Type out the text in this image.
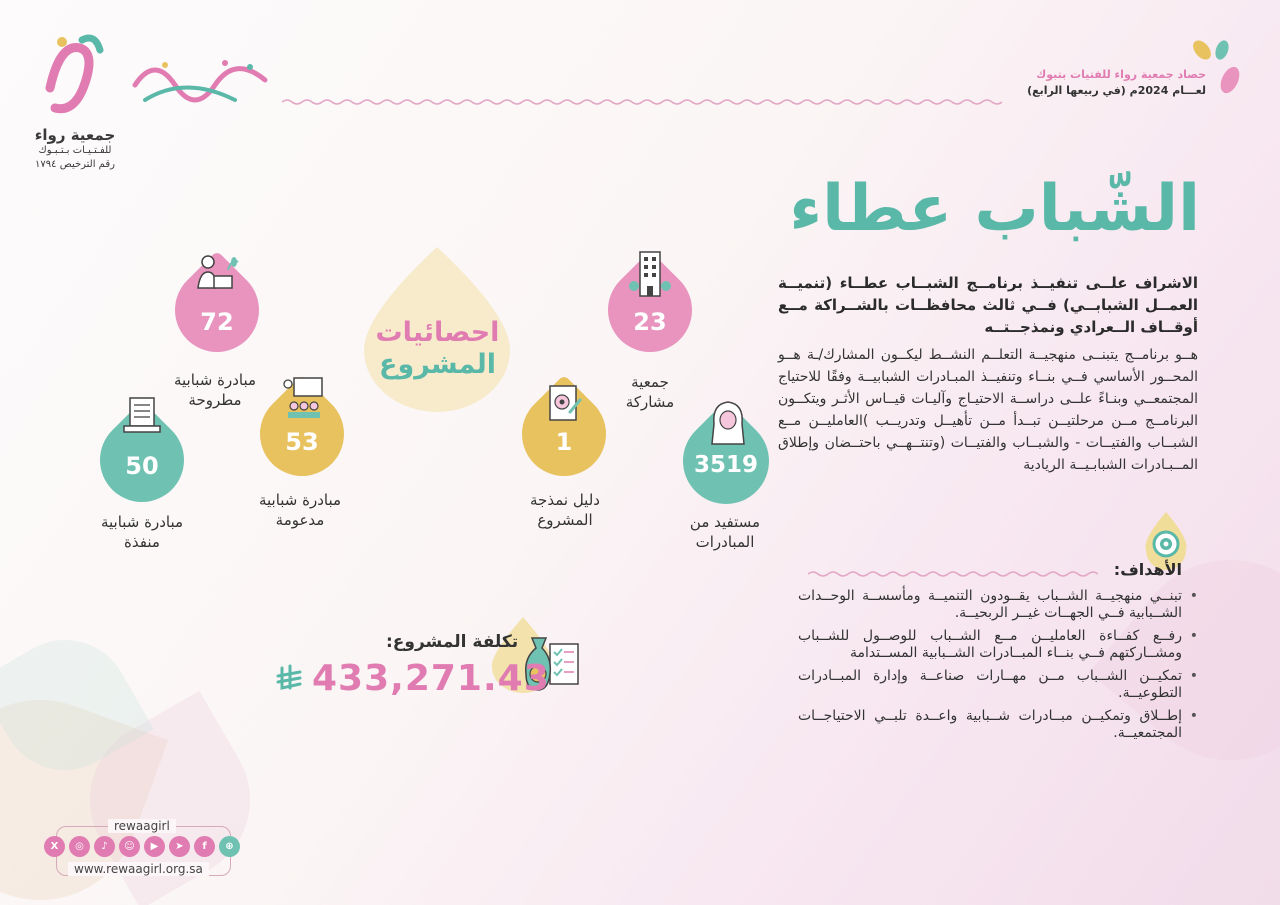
جمعية رواء
للفـتـيـات بـتـبـوك
رقم الترخيص ١٧٩٤
حصاد جمعية رواء للفتيات بتبوك
لعـــام 2024م (في ربيعها الرابع)
الشّباب عطاء
الاشراف علــى تنفيــذ برنامــج الشبــاب عطــاء (تنميــة العمــل الشبابــي) فــي ثالث محافظــات بالشــراكة مــع أوقــاف الــعرادي ونمذجــتــه
هــو برنامــج يتبنــى منهجيــة التعلــم النشــط ليكــون المشارك/ـة هــو المحــور الأساسي فــي بنــاء وتنفيــذ المبـادرات الشبابيــة وفقًا للاحتياج المجتمعــي وبنـاءً علــى دراســة الاحتيـاج وآليـات قيــاس الأثـر ويتكــون البرنامــج مــن مرحلتيــن تبــدأ مــن تأهيــل وتدريــب )العامليــن مــع الشبــاب والفتيــات - والشبــاب والفتيــات (وتنتــهــي باحتــضان وإطلاق المــبـادرات الشبابـيــة الريادية
الأهداف:
• تبنــي منهجيــة الشــباب يقــودون التنميــة ومأسســة الوحــدات الشــبابية فــي الجهــات غيــر الربحيــة.
• رفــع كفــاءة العامليــن مــع الشــباب للوصــول للشــباب ومشــاركتهم فــي بنــاء المبــادرات الشــبابية المســتدامة
• تمكيــن الشــباب مــن مهــارات صناعــة وإدارة المبــادرات التطوعيــة.
• إطــلاق وتمكيــن مبــادرات شــبابية واعــدة تلبــي الاحتياجــات المجتمعيــة.
احصائيات
المشروع
23
جمعية
مشاركة
3519
مستفيد من
المبادرات
1
دليل نمذجة
المشروع
72
مبادرة شبابية
مطروحة
53
مبادرة شبابية
مدعومة
50
مبادرة شبابية
منفذة
تكلفة المشروع:
433,271.43
rewaagirl
www.rewaagirl.org.sa
X	◎	♪	☺	▶	➤	f	⊕
